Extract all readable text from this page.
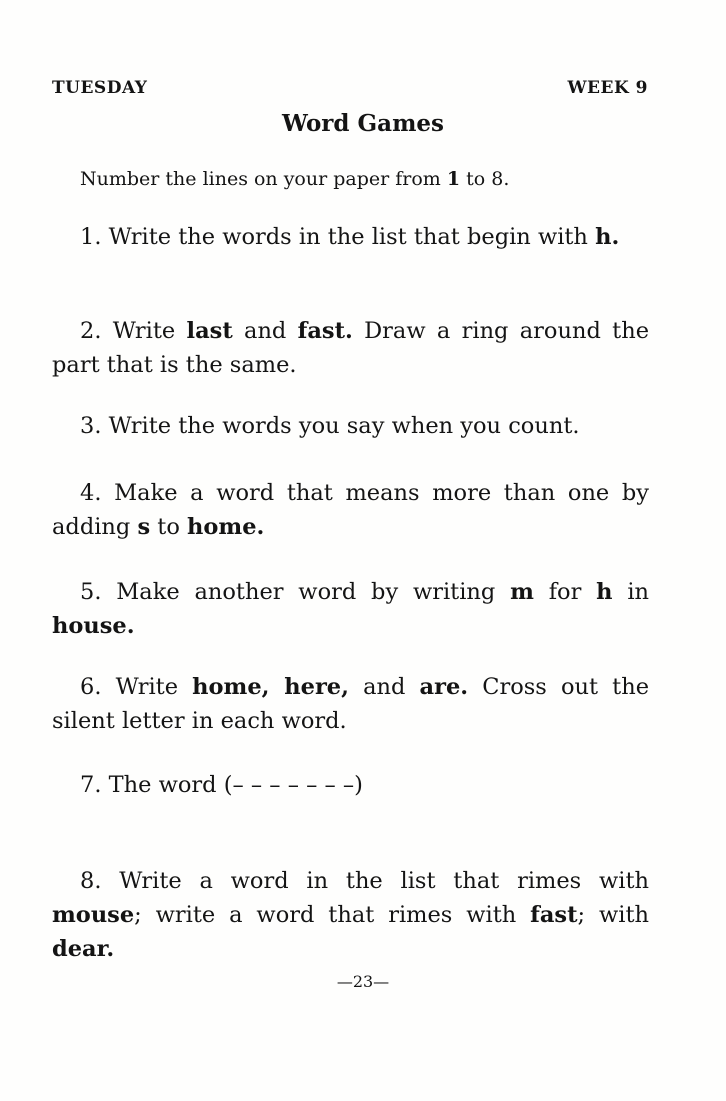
TUESDAY	WEEK 9
Word Games
Number the lines on your paper from 1 to 8.
1. Write the words in the list that begin with h.
2. Write last and fast. Draw a ring around the part that is the same.
3. Write the words you say when you count.
4. Make a word that means more than one by adding s to home.
5. Make another word by writing m for h in house.
6. Write home, here, and are. Cross out the silent letter in each word.
7. The word (– – – – – – –)
8. Write a word in the list that rimes with mouse; write a word that rimes with fast; with dear.
—23—
